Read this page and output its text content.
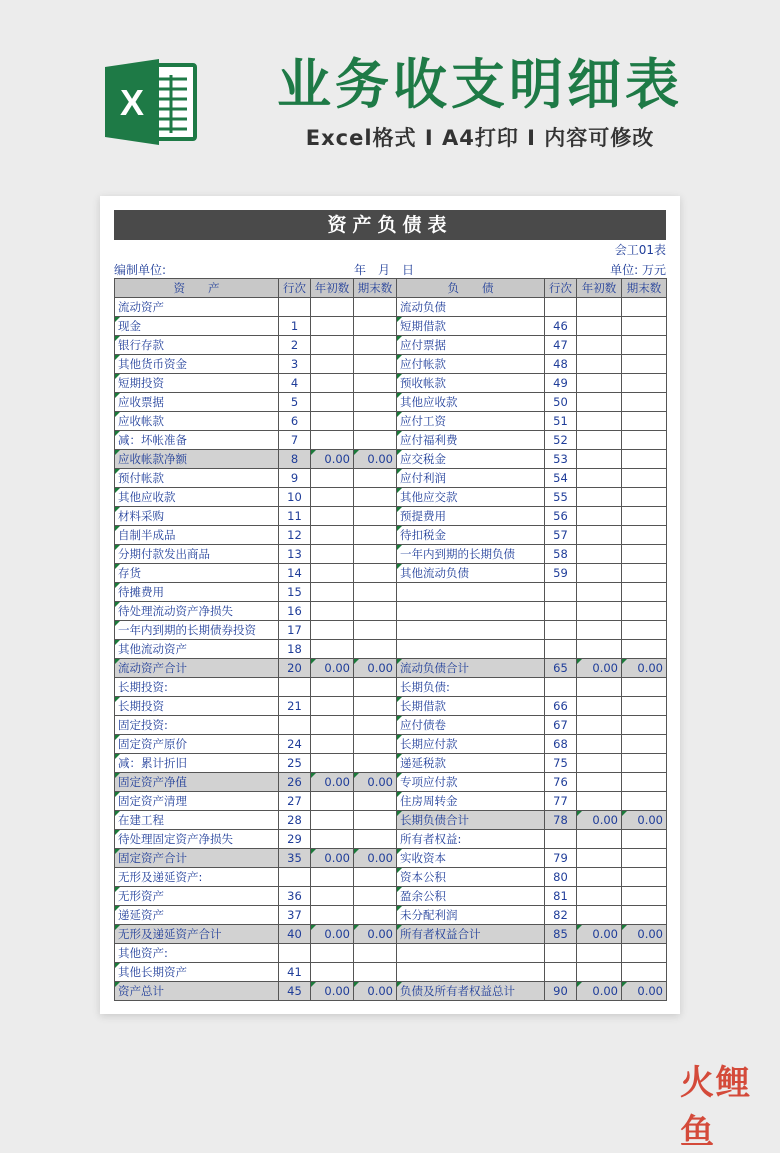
X	业务收支明细表
Excel格式 I A4打印 I 内容可修改
资产负债表
会工01表
编制单位:	年　月　日	单位: 万元
资　　产	行次	年初数	期末数	负　　债	行次	年初数	期末数
流动资产				流动负债			
现金	1			短期借款	46		
银行存款	2			应付票据	47		
其他货币资金	3			应付帐款	48		
短期投资	4			预收帐款	49		
应收票据	5			其他应收款	50		
应收帐款	6			应付工资	51		
减：坏帐准备	7			应付福利费	52		
应收帐款净额	8	0.00	0.00	应交税金	53		
预付帐款	9			应付利润	54		
其他应收款	10			其他应交款	55		
材料采购	11			预提费用	56		
自制半成品	12			待扣税金	57		
分期付款发出商品	13			一年内到期的长期负债	58		
存货	14			其他流动负债	59		
待摊费用	15						
待处理流动资产净损失	16						
一年内到期的长期债券投资	17						
其他流动资产	18						
流动资产合计	20	0.00	0.00	流动负债合计	65	0.00	0.00
长期投资:				长期负债:			
长期投资	21			长期借款	66		
固定投资:				应付债卷	67		
固定资产原价	24			长期应付款	68		
减：累计折旧	25			递延税款	75		
固定资产净值	26	0.00	0.00	专项应付款	76		
固定资产清理	27			住房周转金	77		
在建工程	28			长期负债合计	78	0.00	0.00
待处理固定资产净损失	29			所有者权益:			
固定资产合计	35	0.00	0.00	实收资本	79		
无形及递延资产:				资本公积	80		
无形资产	36			盈余公积	81		
递延资产	37			未分配利润	82		
无形及递延资产合计	40	0.00	0.00	所有者权益合计	85	0.00	0.00
其他资产:							
其他长期资产	41						
资产总计	45	0.00	0.00	负债及所有者权益总计	90	0.00	0.00
火鲤鱼
